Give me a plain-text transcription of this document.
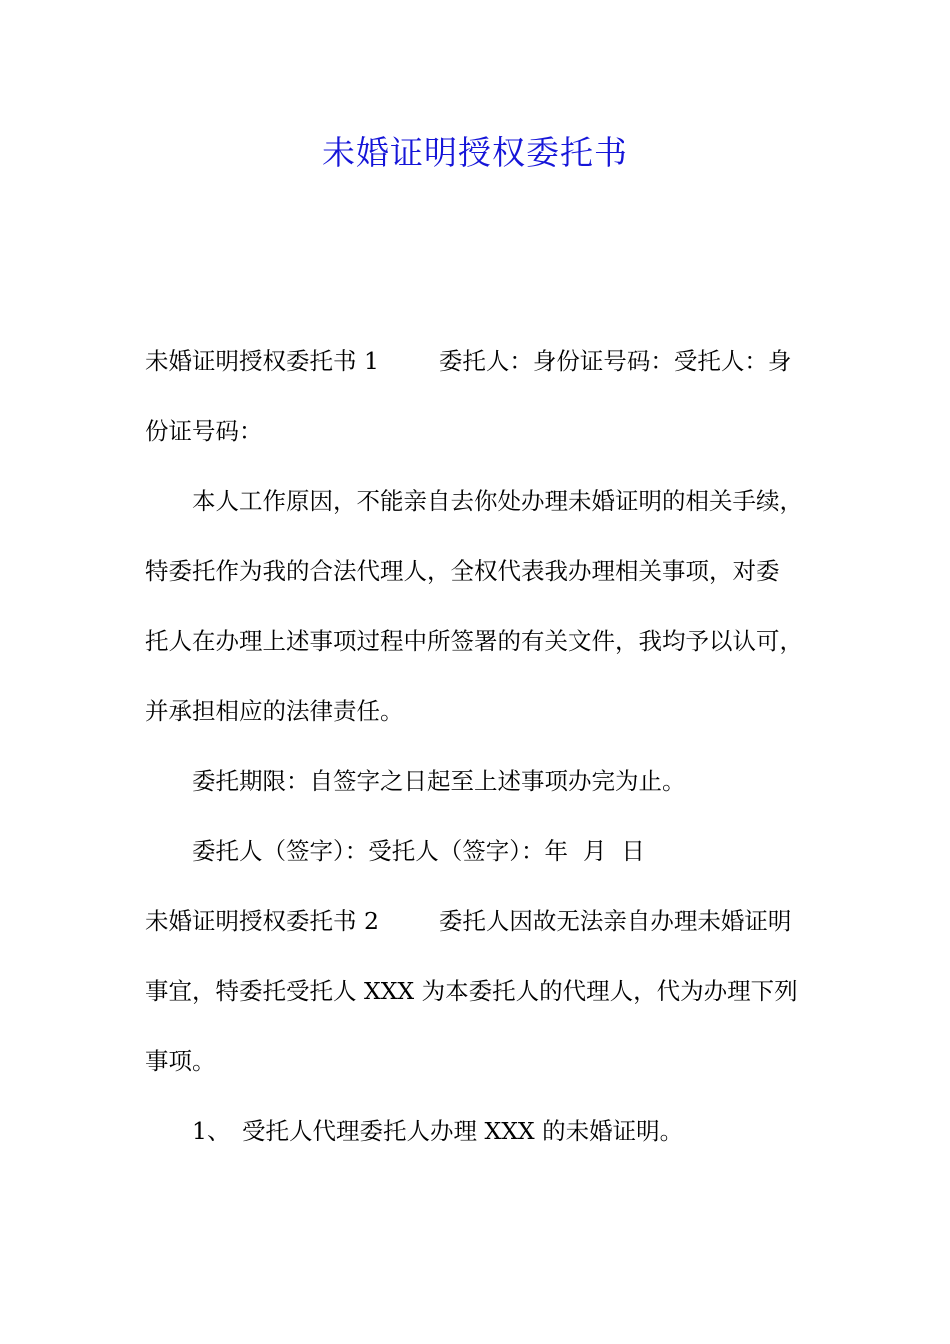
未婚证明授权委托书
未婚证明授权委托书 1	委托人：身份证号码：受托人：身
份证号码：
本人工作原因，不能亲自去你处办理未婚证明的相关手续，
特委托作为我的合法代理人，全权代表我办理相关事项，对委
托人在办理上述事项过程中所签署的有关文件，我均予以认可，
并承担相应的法律责任。
委托期限：自签字之日起至上述事项办完为止。
委托人（签字）：受托人（签字）：年  月  日
未婚证明授权委托书 2	委托人因故无法亲自办理未婚证明
事宜，特委托受托人 XXX 为本委托人的代理人，代为办理下列
事项。
1、 受托人代理委托人办理 XXX 的未婚证明。
